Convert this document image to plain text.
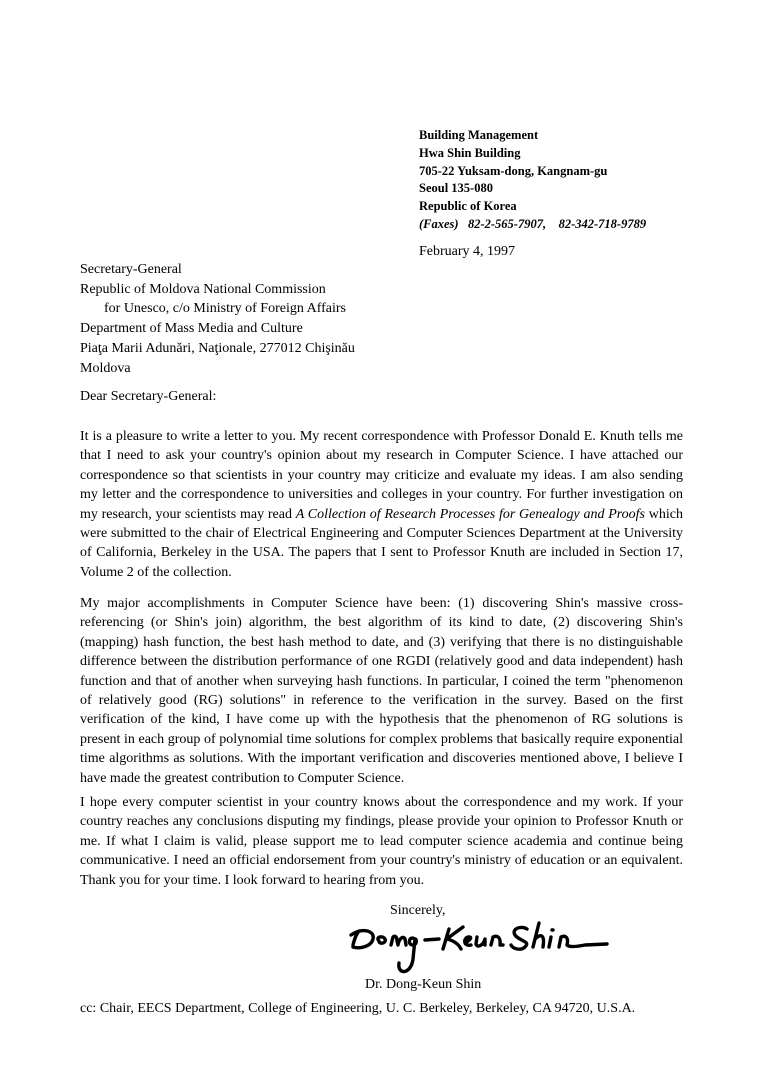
Building Management
Hwa Shin Building
705-22 Yuksam-dong, Kangnam-gu
Seoul 135-080
Republic of Korea
(Faxes) 82-2-565-7907, 82-342-718-9789
February 4, 1997
Secretary-General
Republic of Moldova National Commission
for Unesco, c/o Ministry of Foreign Affairs
Department of Mass Media and Culture
Piaţa Marii Adunări, Naţionale, 277012 Chişinău
Moldova
Dear Secretary-General:

It is a pleasure to write a letter to you. My recent correspondence with Professor Donald E. Knuth tells me that I need to ask your country's opinion about my research in Computer Science. I have attached our correspondence so that scientists in your country may criticize and evaluate my ideas. I am also sending my letter and the correspondence to universities and colleges in your country. For further investigation on my research, your scientists may read A Collection of Research Processes for Genealogy and Proofs which were submitted to the chair of Electrical Engineering and Computer Sciences Department at the University of California, Berkeley in the USA. The papers that I sent to Professor Knuth are included in Section 17, Volume 2 of the collection.

My major accomplishments in Computer Science have been: (1) discovering Shin's massive cross-referencing (or Shin's join) algorithm, the best algorithm of its kind to date, (2) discovering Shin's (mapping) hash function, the best hash method to date, and (3) verifying that there is no distinguishable difference between the distribution performance of one RGDI (relatively good and data independent) hash function and that of another when surveying hash functions. In particular, I coined the term "phenomenon of relatively good (RG) solutions" in reference to the verification in the survey. Based on the first verification of the kind, I have come up with the hypothesis that the phenomenon of RG solutions is present in each group of polynomial time solutions for complex problems that basically require exponential time algorithms as solutions. With the important verification and discoveries mentioned above, I believe I have made the greatest contribution to Computer Science.

I hope every computer scientist in your country knows about the correspondence and my work. If your country reaches any conclusions disputing my findings, please provide your opinion to Professor Knuth or me. If what I claim is valid, please support me to lead computer science academia and continue being communicative. I need an official endorsement from your country's ministry of education or an equivalent. Thank you for your time. I look forward to hearing from you.

Sincerely,
Dr. Dong-Keun Shin
cc: Chair, EECS Department, College of Engineering, U. C. Berkeley, Berkeley, CA 94720, U.S.A.
